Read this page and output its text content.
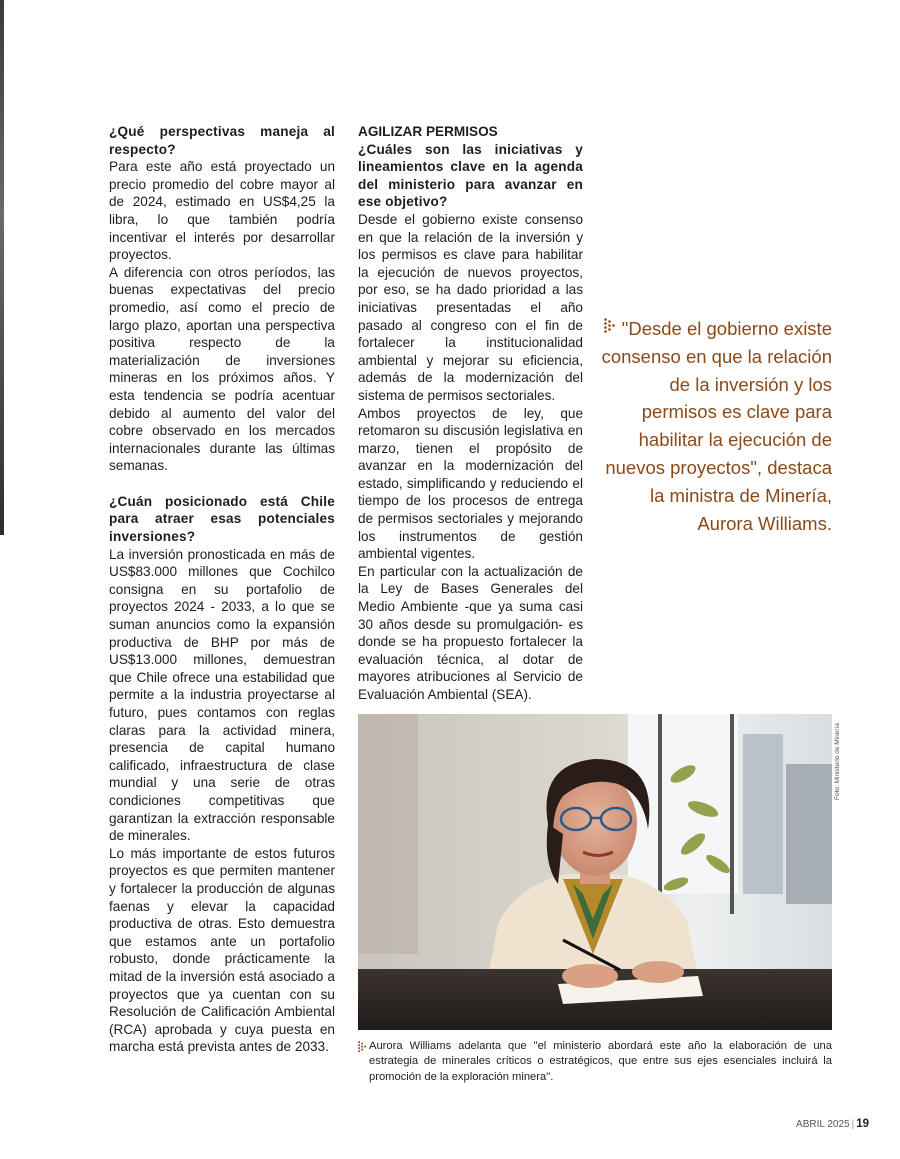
¿Qué perspectivas maneja al respecto?

Para este año está proyectado un precio promedio del cobre mayor al de 2024, estimado en US$4,25 la libra, lo que también podría incentivar el interés por desarrollar proyectos.

A diferencia con otros períodos, las buenas expectativas del precio promedio, así como el precio de largo plazo, aportan una perspectiva positiva respecto de la materialización de inversiones mineras en los próximos años. Y esta tendencia se podría acentuar debido al aumento del valor del cobre observado en los mercados internacionales durante las últimas semanas.

¿Cuán posicionado está Chile para atraer esas potenciales inversiones?

La inversión pronosticada en más de US$83.000 millones que Cochilco consigna en su portafolio de proyectos 2024 - 2033, a lo que se suman anuncios como la expansión productiva de BHP por más de US$13.000 millones, demuestran que Chile ofrece una estabilidad que permite a la industria proyectarse al futuro, pues contamos con reglas claras para la actividad minera, presencia de capital humano calificado, infraestructura de clase mundial y una serie de otras condiciones competitivas que garantizan la extracción responsable de minerales.

Lo más importante de estos futuros proyectos es que permiten mantener y fortalecer la producción de algunas faenas y elevar la capacidad productiva de otras. Esto demuestra que estamos ante un portafolio robusto, donde prácticamente la mitad de la inversión está asociado a proyectos que ya cuentan con su Resolución de Calificación Ambiental (RCA) aprobada y cuya puesta en marcha está prevista antes de 2033.

AGILIZAR PERMISOS

¿Cuáles son las iniciativas y lineamientos clave en la agenda del ministerio para avanzar en ese objetivo?

Desde el gobierno existe consenso en que la relación de la inversión y los permisos es clave para habilitar la ejecución de nuevos proyectos, por eso, se ha dado prioridad a las iniciativas presentadas el año pasado al congreso con el fin de fortalecer la institucionalidad ambiental y mejorar su eficiencia, además de la modernización del sistema de permisos sectoriales.

Ambos proyectos de ley, que retomaron su discusión legislativa en marzo, tienen el propósito de avanzar en la modernización del estado, simplificando y reduciendo el tiempo de los procesos de entrega de permisos sectoriales y mejorando los instrumentos de gestión ambiental vigentes.

En particular con la actualización de la Ley de Bases Generales del Medio Ambiente -que ya suma casi 30 años desde su promulgación- es donde se ha propuesto fortalecer la evaluación técnica, al dotar de mayores atribuciones al Servicio de Evaluación Ambiental (SEA).

"Desde el gobierno existe consenso en que la relación de la inversión y los permisos es clave para habilitar la ejecución de nuevos proyectos", destaca la ministra de Minería, Aurora Williams.
Foto: Ministerio de Minería

Aurora Williams adelanta que "el ministerio abordará este año la elaboración de una estrategia de minerales críticos o estratégicos, que entre sus ejes esenciales incluirá la promoción de la exploración minera".

ABRIL 2025 | 19
